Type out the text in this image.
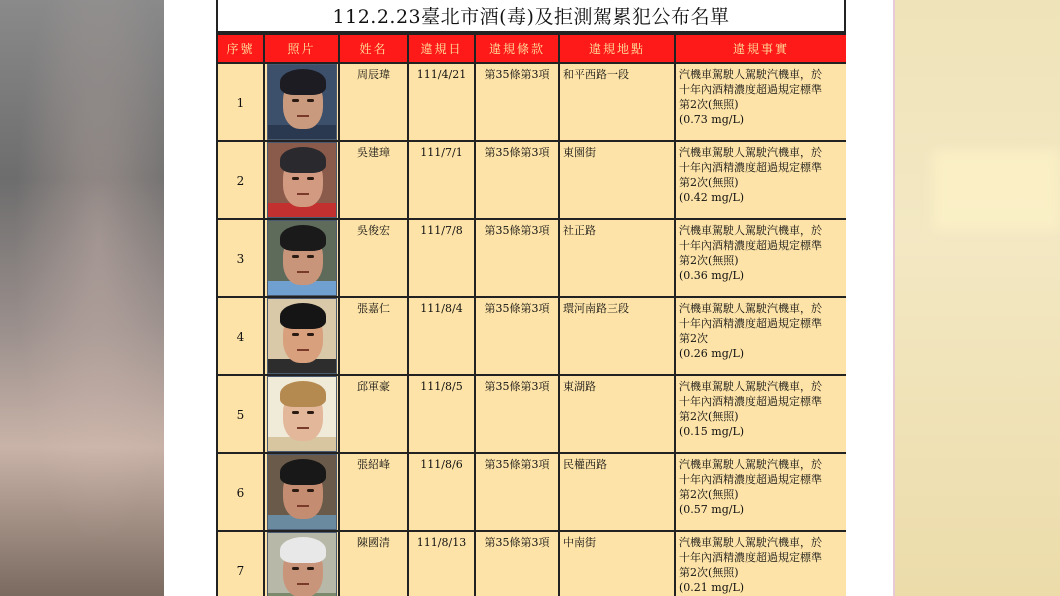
112.2.23臺北市酒(毒)及拒測駕累犯公布名單
序號	照片	姓名	違規日	違規條款	違規地點	違規事實
1		周辰瑋	111/4/21	第35條第3項	和平西路一段	汽機車駕駛人駕駛汽機車，於
十年內酒精濃度超過規定標準
第2次(無照)
(0.73 mg/L)

2		吳建璋	111/7/1	第35條第3項	東園街	汽機車駕駛人駕駛汽機車，於
十年內酒精濃度超過規定標準
第2次(無照)
(0.42 mg/L)

3		吳俊宏	111/7/8	第35條第3項	社正路	汽機車駕駛人駕駛汽機車，於
十年內酒精濃度超過規定標準
第2次(無照)
(0.36 mg/L)

4		張嘉仁	111/8/4	第35條第3項	環河南路三段	汽機車駕駛人駕駛汽機車，於
十年內酒精濃度超過規定標準
第2次
(0.26 mg/L)

5		邱軍豪	111/8/5	第35條第3項	東湖路	汽機車駕駛人駕駛汽機車，於
十年內酒精濃度超過規定標準
第2次(無照)
(0.15 mg/L)

6		張紹峰	111/8/6	第35條第3項	民權西路	汽機車駕駛人駕駛汽機車，於
十年內酒精濃度超過規定標準
第2次(無照)
(0.57 mg/L)

7		陳國清	111/8/13	第35條第3項	中南街	汽機車駕駛人駕駛汽機車，於
十年內酒精濃度超過規定標準
第2次(無照)
(0.21 mg/L)
